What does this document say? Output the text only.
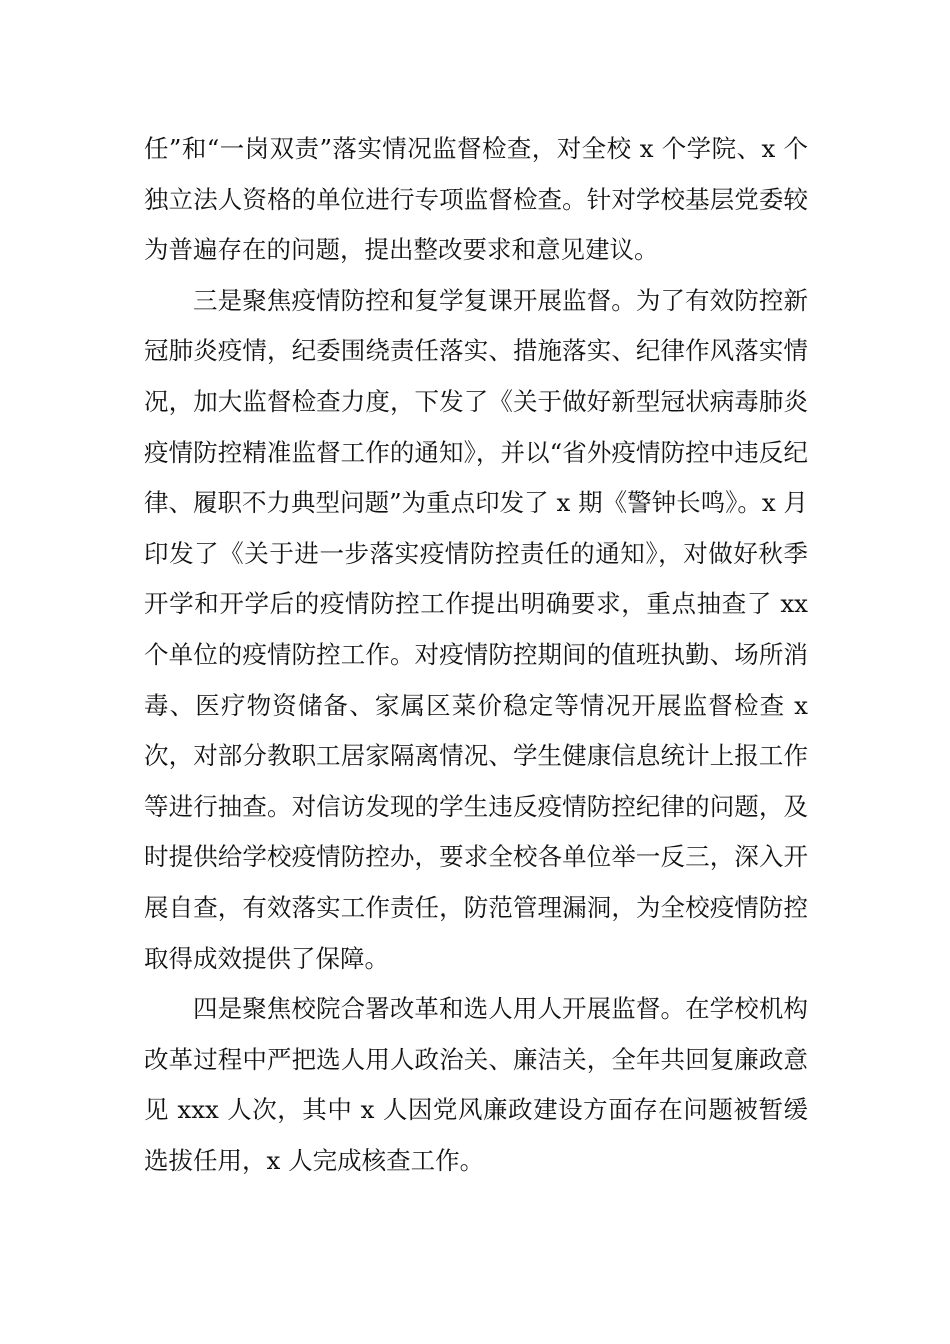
任”和“一岗双责”落实情况监督检查，对全校 x 个学院、x 个独立法人资格的单位进行专项监督检查。针对学校基层党委较为普遍存在的问题，提出整改要求和意见建议。

三是聚焦疫情防控和复学复课开展监督。为了有效防控新冠肺炎疫情，纪委围绕责任落实、措施落实、纪律作风落实情况，加大监督检查力度，下发了《关于做好新型冠状病毒肺炎疫情防控精准监督工作的通知》，并以“省外疫情防控中违反纪律、履职不力典型问题”为重点印发了 x 期《警钟长鸣》。x 月印发了《关于进一步落实疫情防控责任的通知》，对做好秋季开学和开学后的疫情防控工作提出明确要求，重点抽查了 xx 个单位的疫情防控工作。对疫情防控期间的值班执勤、场所消毒、医疗物资储备、家属区菜价稳定等情况开展监督检查 x 次，对部分教职工居家隔离情况、学生健康信息统计上报工作等进行抽查。对信访发现的学生违反疫情防控纪律的问题，及时提供给学校疫情防控办，要求全校各单位举一反三，深入开展自查，有效落实工作责任，防范管理漏洞，为全校疫情防控取得成效提供了保障。

四是聚焦校院合署改革和选人用人开展监督。在学校机构改革过程中严把选人用人政治关、廉洁关，全年共回复廉政意见 xxx 人次，其中 x 人因党风廉政建设方面存在问题被暂缓选拔任用，x 人完成核查工作。
